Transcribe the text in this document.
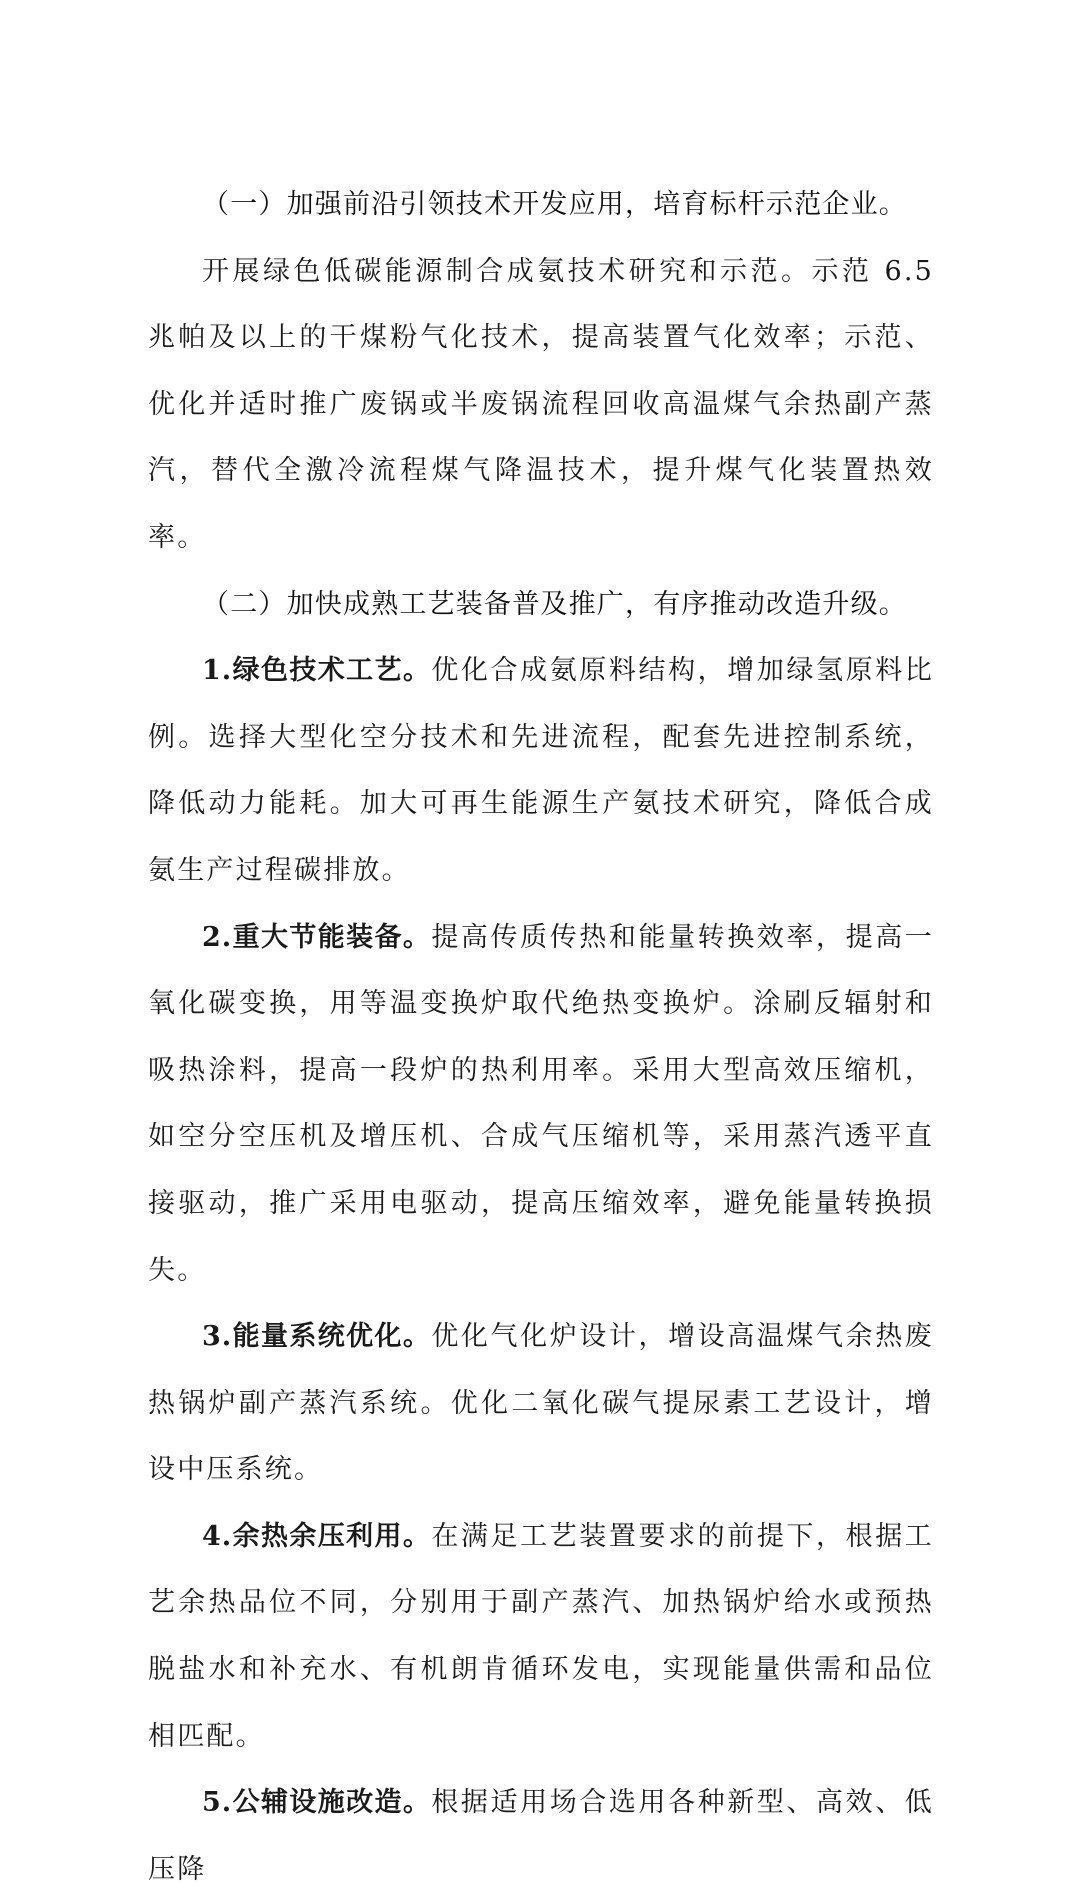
（一）加强前沿引领技术开发应用，培育标杆示范企业。

开展绿色低碳能源制合成氨技术研究和示范。示范 6.5 兆帕及以上的干煤粉气化技术，提高装置气化效率；示范、优化并适时推广废锅或半废锅流程回收高温煤气余热副产蒸汽，替代全激冷流程煤气降温技术，提升煤气化装置热效率。

（二）加快成熟工艺装备普及推广，有序推动改造升级。

1.绿色技术工艺。优化合成氨原料结构，增加绿氢原料比例。选择大型化空分技术和先进流程，配套先进控制系统，降低动力能耗。加大可再生能源生产氨技术研究，降低合成氨生产过程碳排放。

2.重大节能装备。提高传质传热和能量转换效率，提高一氧化碳变换，用等温变换炉取代绝热变换炉。涂刷反辐射和吸热涂料，提高一段炉的热利用率。采用大型高效压缩机，如空分空压机及增压机、合成气压缩机等，采用蒸汽透平直接驱动，推广采用电驱动，提高压缩效率，避免能量转换损失。

3.能量系统优化。优化气化炉设计，增设高温煤气余热废热锅炉副产蒸汽系统。优化二氧化碳气提尿素工艺设计，增设中压系统。

4.余热余压利用。在满足工艺装置要求的前提下，根据工艺余热品位不同，分别用于副产蒸汽、加热锅炉给水或预热脱盐水和补充水、有机朗肯循环发电，实现能量供需和品位相匹配。

5.公辅设施改造。根据适用场合选用各种新型、高效、低压降
